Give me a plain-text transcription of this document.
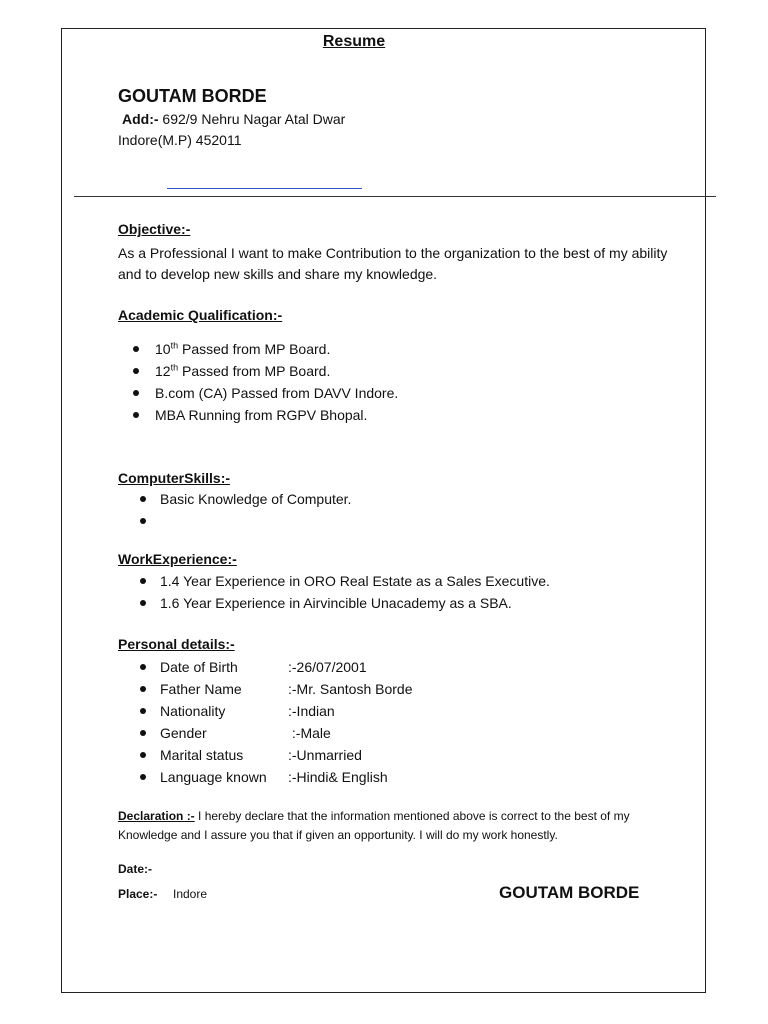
Resume
GOUTAM BORDE
Add:- 692/9 Nehru Nagar Atal Dwar
Indore(M.P) 452011
Objective:-
As a Professional I want to make Contribution to the organization to the best of my ability and to develop new skills and share my knowledge.
Academic Qualification:-
10th Passed from MP Board.
12th Passed from MP Board.
B.com (CA) Passed from DAVV Indore.
MBA Running from RGPV Bhopal.
ComputerSkills:-
Basic Knowledge of Computer.
WorkExperience:-
1.4 Year Experience in ORO Real Estate as a Sales Executive.
1.6 Year Experience in Airvincible Unacademy as a SBA.
Personal details:-
Date of Birth	:-26/07/2001
Father Name	:-Mr. Santosh Borde
Nationality	:-Indian
Gender	:-Male
Marital status	:-Unmarried
Language known :-Hindi& English
Declaration :- I hereby declare that the information mentioned above is correct to the best of my Knowledge and I assure you that if given an opportunity. I will do my work honestly.
Date:-
Place:- Indore	GOUTAM BORDE
